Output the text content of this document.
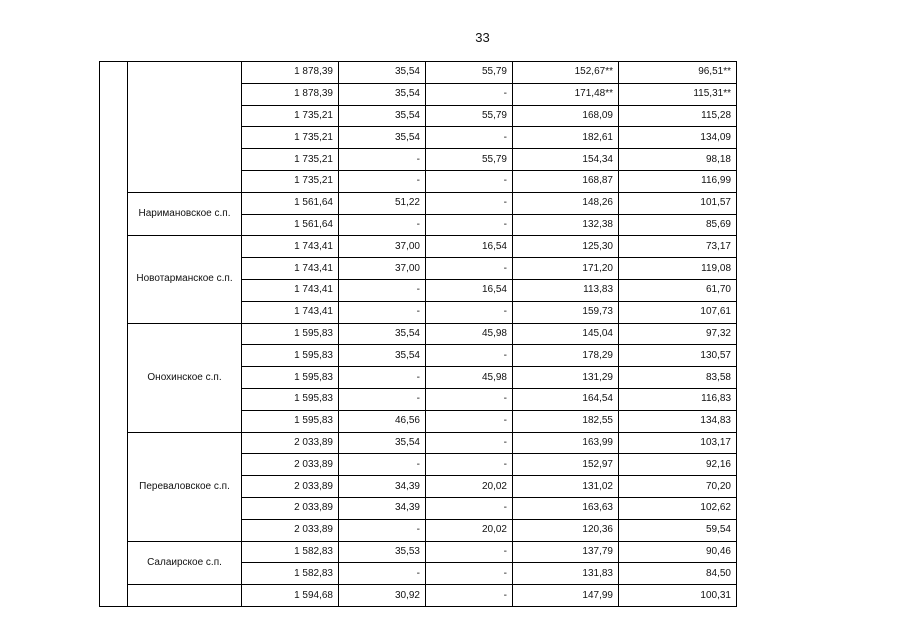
33
		1 878,39	35,54	55,79	152,67**	96,51**
		1 878,39	35,54	-	171,48**	115,31**
		1 735,21	35,54	55,79	168,09	115,28
		1 735,21	35,54	-	182,61	134,09
		1 735,21	-	55,79	154,34	98,18
		1 735,21	-	-	168,87	116,99
	Наримановское с.п.	1 561,64	51,22	-	148,26	101,57
		1 561,64	-	-	132,38	85,69
	Новотарманское с.п.	1 743,41	37,00	16,54	125,30	73,17
		1 743,41	37,00	-	171,20	119,08
		1 743,41	-	16,54	113,83	61,70
		1 743,41	-	-	159,73	107,61
	Онохинское с.п.	1 595,83	35,54	45,98	145,04	97,32
		1 595,83	35,54	-	178,29	130,57
		1 595,83	-	45,98	131,29	83,58
		1 595,83	-	-	164,54	116,83
		1 595,83	46,56	-	182,55	134,83
	Переваловское с.п.	2 033,89	35,54	-	163,99	103,17
		2 033,89	-	-	152,97	92,16
		2 033,89	34,39	20,02	131,02	70,20
		2 033,89	34,39	-	163,63	102,62
		2 033,89	-	20,02	120,36	59,54
	Салаирское с.п.	1 582,83	35,53	-	137,79	90,46
		1 582,83	-	-	131,83	84,50
		1 594,68	30,92	-	147,99	100,31
